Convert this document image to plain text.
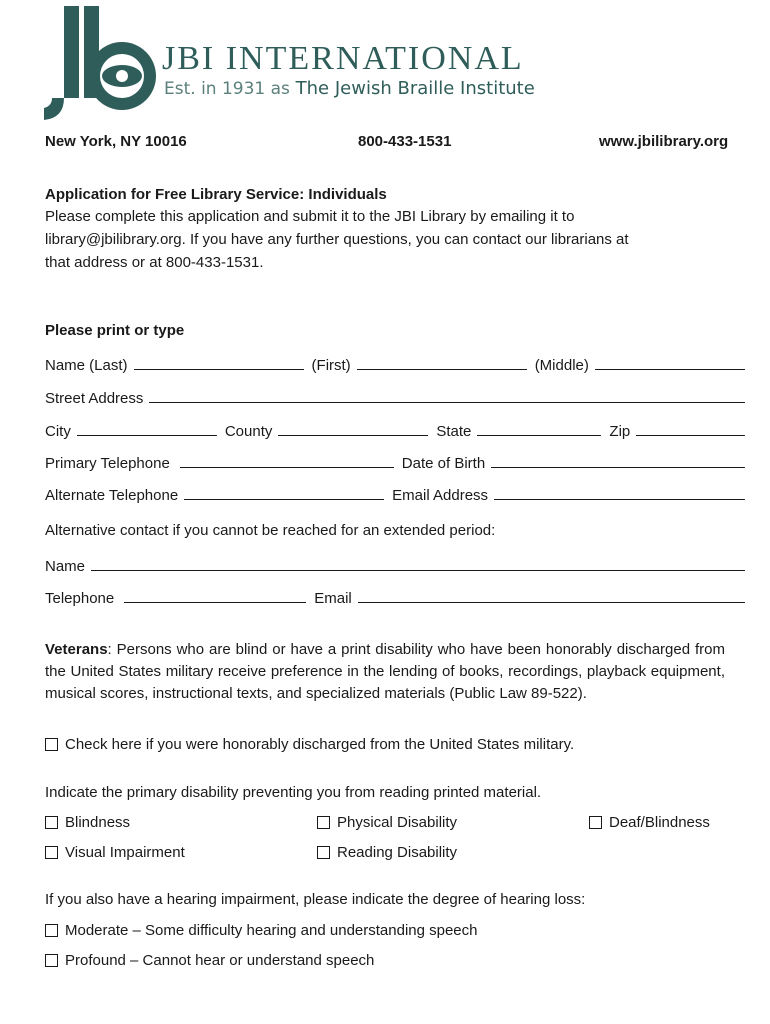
JBI INTERNATIONAL
Est. in 1931 as The Jewish Braille Institute
New York, NY 10016	800-433-1531	www.jbilibrary.org
Application for Free Library Service: Individuals
Please complete this application and submit it to the JBI Library by emailing it to
library@jbilibrary.org. If you have any further questions, you can contact our librarians at
that address or at 800-433-1531.
Please print or type
Name (Last)	(First)	(Middle)
Street Address
City	County	State	Zip
Primary Telephone	Date of Birth
Alternate Telephone	Email Address
Alternative contact if you cannot be reached for an extended period:
Name
Telephone	Email
Veterans: Persons who are blind or have a print disability who have been honorably discharged from the United States military receive preference in the lending of books, recordings, playback equipment, musical scores, instructional texts, and specialized materials (Public Law 89-522).
Check here if you were honorably discharged from the United States military.
Indicate the primary disability preventing you from reading printed material.
Blindness	Physical Disability	Deaf/Blindness
Visual Impairment	Reading Disability
If you also have a hearing impairment, please indicate the degree of hearing loss:
Moderate – Some difficulty hearing and understanding speech
Profound – Cannot hear or understand speech
